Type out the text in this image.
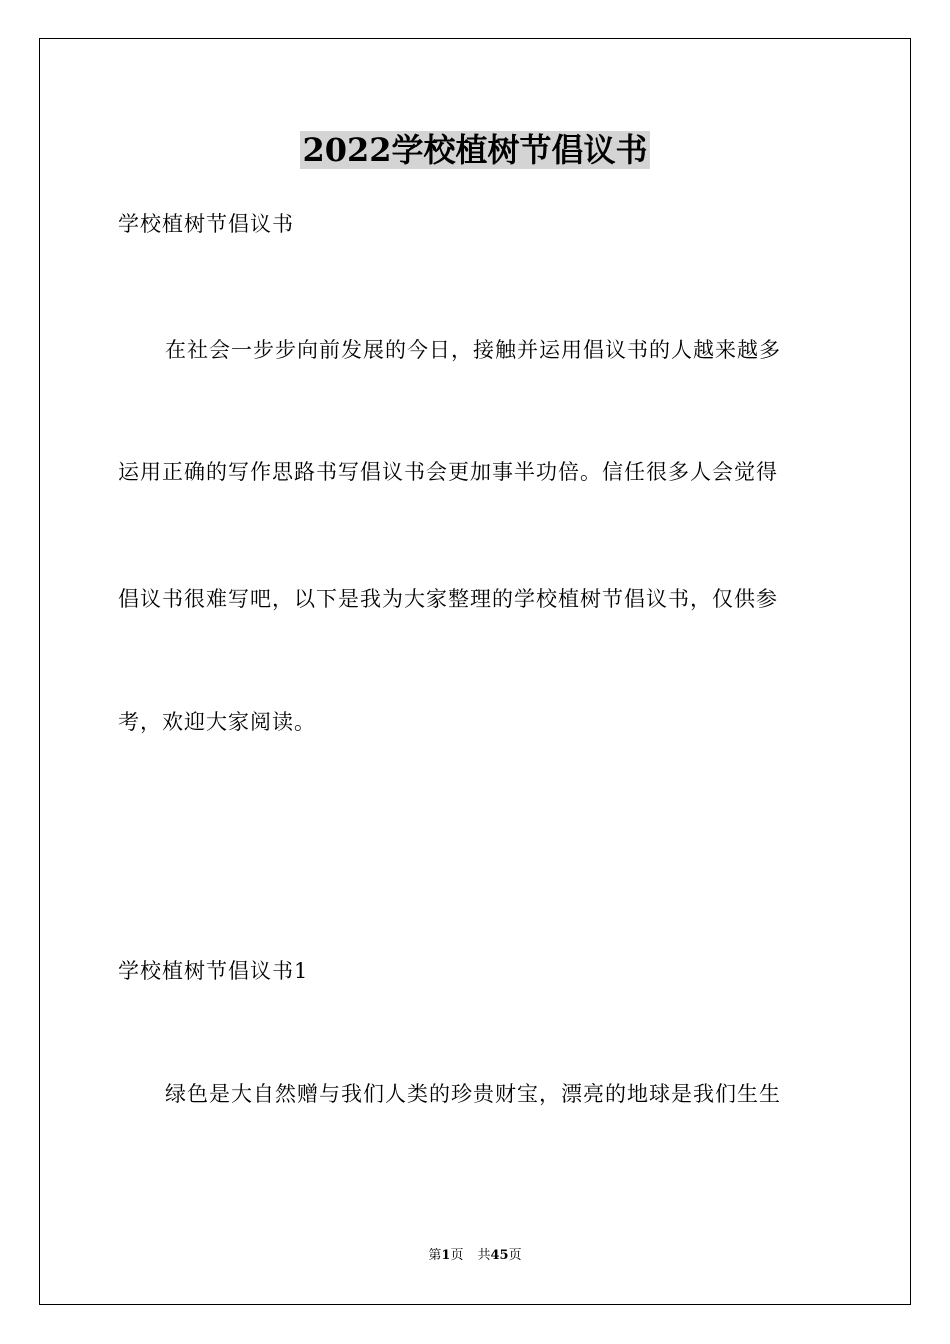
2022学校植树节倡议书
学校植树节倡议书
在社会一步步向前发展的今日，接触并运用倡议书的人越来越多
运用正确的写作思路书写倡议书会更加事半功倍。信任很多人会觉得
倡议书很难写吧，以下是我为大家整理的学校植树节倡议书，仅供参
考，欢迎大家阅读。
学校植树节倡议书1
绿色是大自然赠与我们人类的珍贵财宝，漂亮的地球是我们生生
第1页 共45页
